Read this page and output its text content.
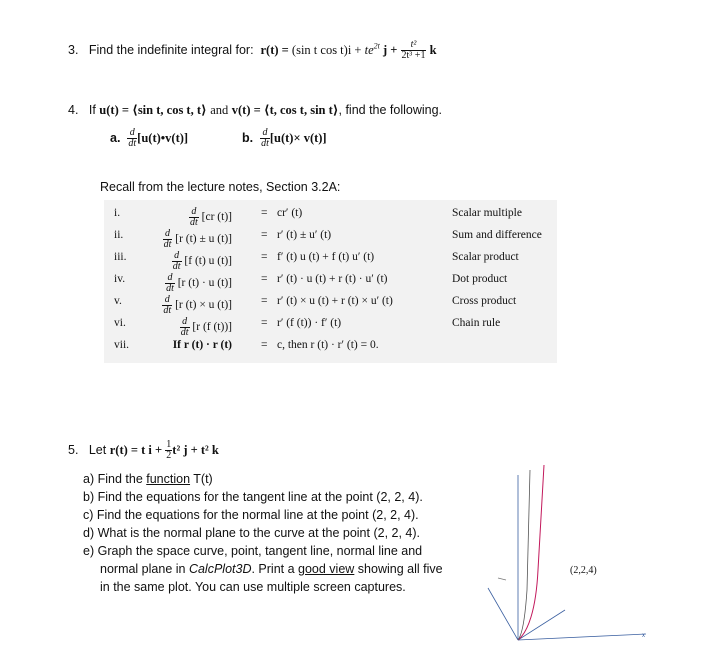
3. Find the indefinite integral for: r(t) = (sin t $\cos t)i + te^{2t}$ $j + \frac{\text{t²}}{\text{2t³ +1}}$ k
4. If u(t) = ⟨sin t, cos t, t⟩ and v(t) = ⟨t, cos t, sin t⟩, find the following.
a. $\frac{d}{dt}$ [u(t)•v(t)]	b. $\frac{d}{dt} [u(t)\times v(t)]$
Recall from the lecture notes, Section 3.2A:
i.	$\frac{d}{dt} [cr$ (t)]	= cr′ (t)	Scalar multiple
ii.	$\frac{d}{dt} [r$ (t) ± u (t)]	= r′ (t) ± u′ (t)	Sum and difference
iii.	$\frac{d}{dt} [f$ (t) u (t)]	= f′ (t) u (t) + f (t) u′ (t)	Scalar product
iv.	$\frac{d}{dt} [r$ (t) · u (t)]	= r′ (t) · u (t) + r (t) · u′ (t)	Dot product
v.	$\frac{d}{dt} [r$ (t) × u (t)]	= r′ (t) × u (t) + r (t) × u′ (t)	Cross product
vi.	$\frac{d}{dt} [r$ (f (t))]	= r′ (f (t)) · f′ (t)	Chain rule
vii.	If r (t) · r (t)	= c, then r (t) · r′ (t) = 0.
5. Let r(t) = t $i + \frac{1}{2} t^2$ j + t² k
a) Find the function T(t)
b) Find the equations for the tangent line at the point (2, 2, 4).
c) Find the equations for the normal line at the point (2, 2, 4).
d) What is the normal plane to the curve at the point (2, 2, 4).
e) Graph the space curve, point, tangent line, normal line and
normal plane in CalcPlot3D. Print a good view showing all five
in the same plot. You can use multiple screen captures.
x
(2,2,4)
